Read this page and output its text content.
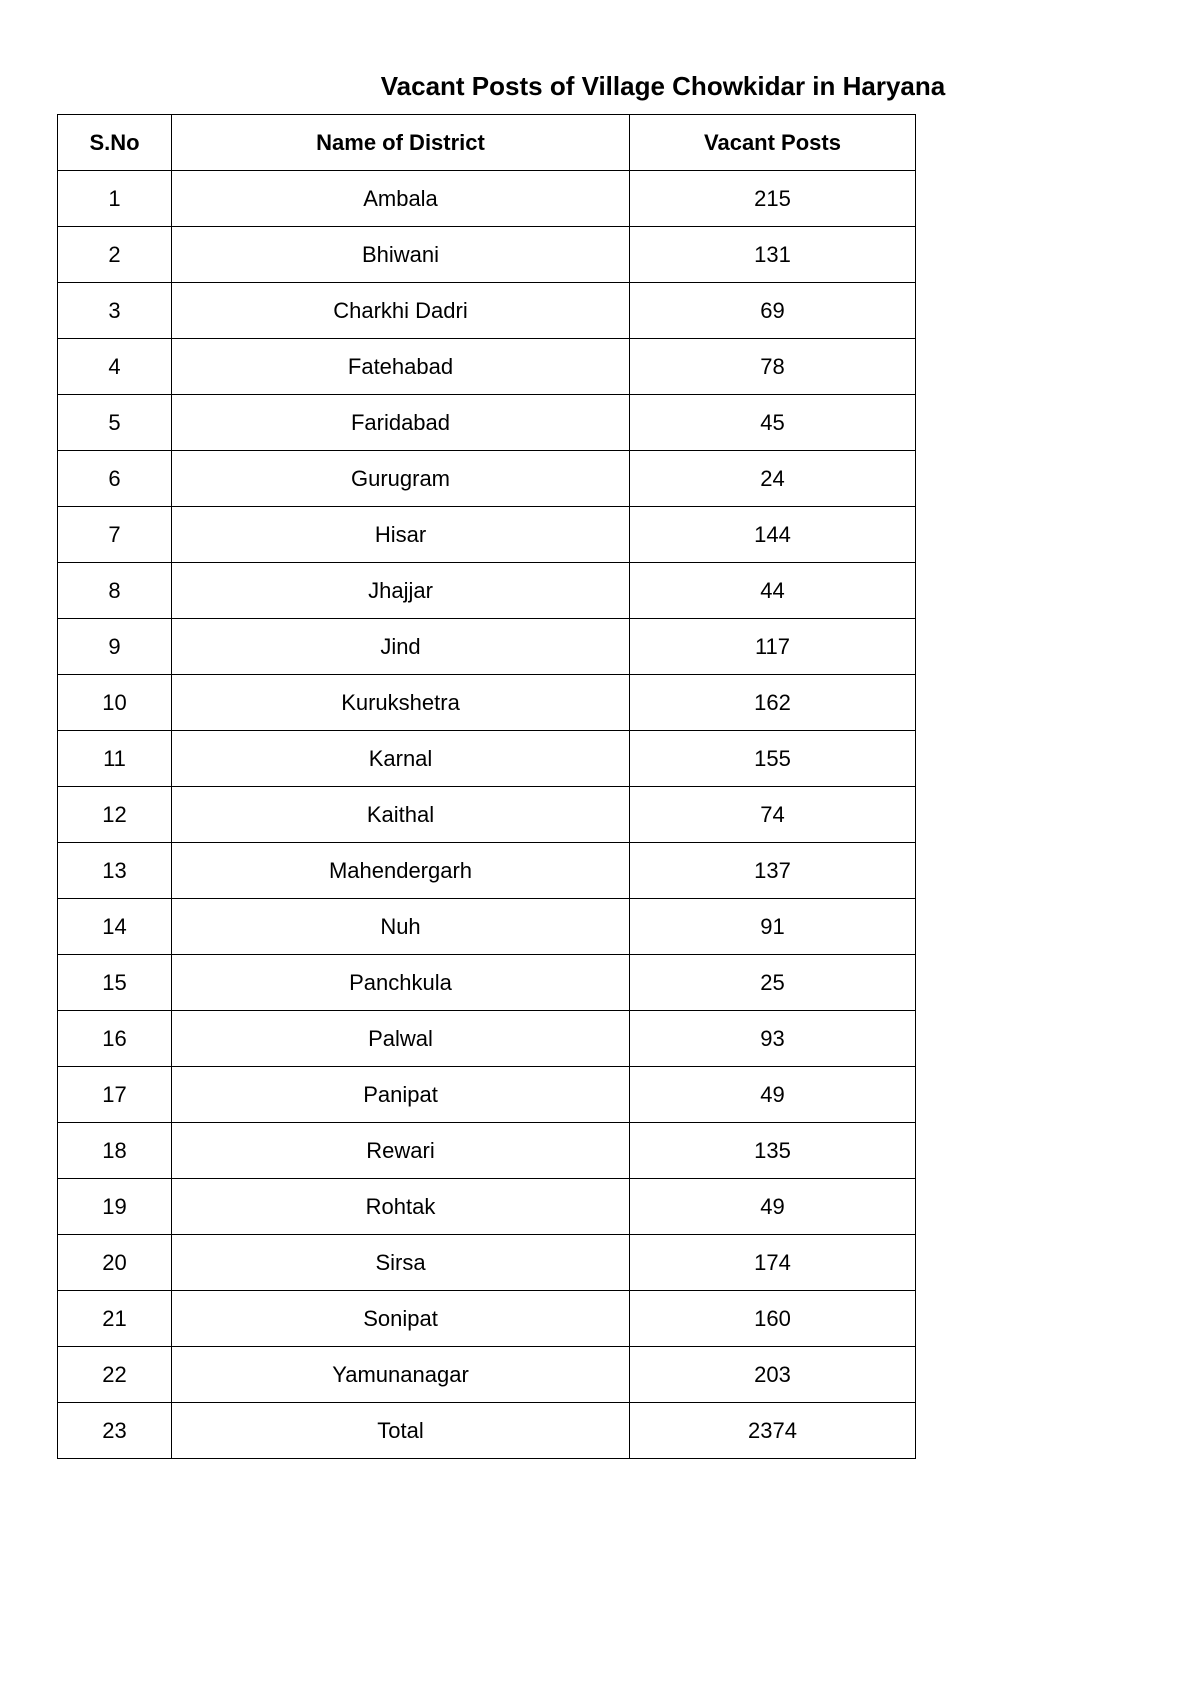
Vacant Posts of Village Chowkidar in Haryana
S.No	Name of District	Vacant Posts
1	Ambala	215
2	Bhiwani	131
3	Charkhi Dadri	69
4	Fatehabad	78
5	Faridabad	45
6	Gurugram	24
7	Hisar	144
8	Jhajjar	44
9	Jind	117
10	Kurukshetra	162
11	Karnal	155
12	Kaithal	74
13	Mahendergarh	137
14	Nuh	91
15	Panchkula	25
16	Palwal	93
17	Panipat	49
18	Rewari	135
19	Rohtak	49
20	Sirsa	174
21	Sonipat	160
22	Yamunanagar	203
23	Total	2374
